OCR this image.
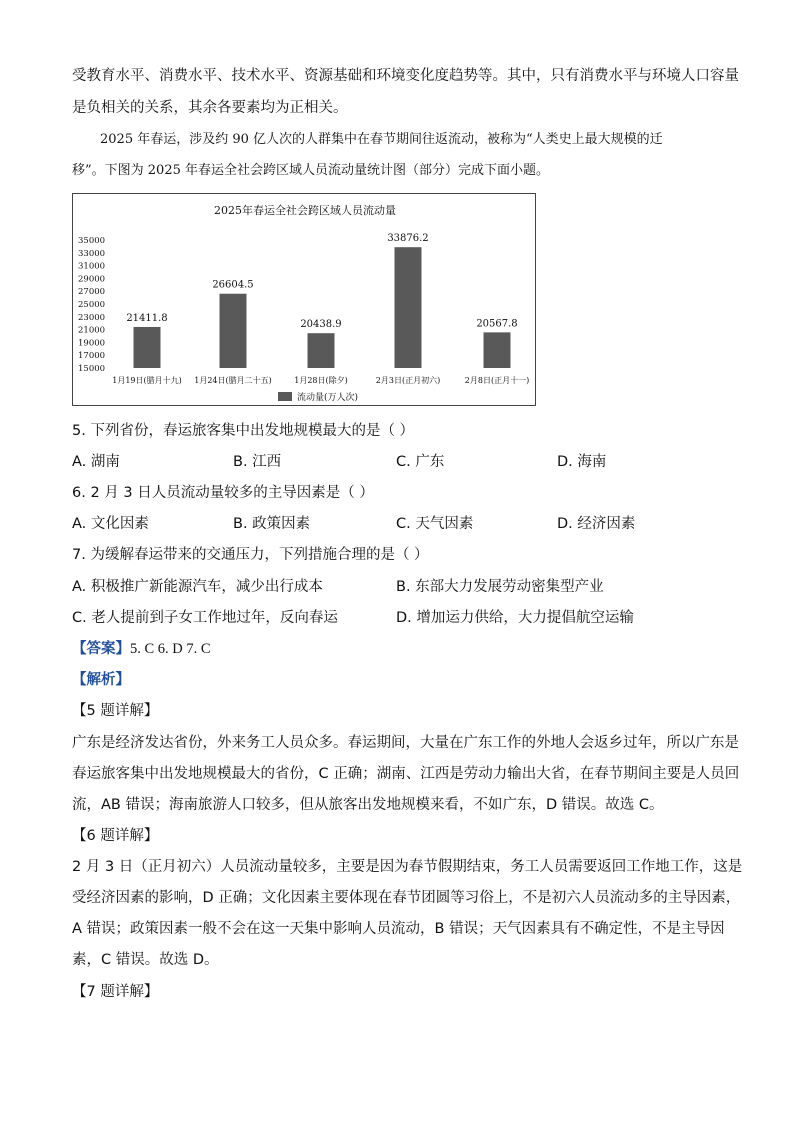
受教育水平、消费水平、技术水平、资源基础和环境变化度趋势等。其中，只有消费水平与环境人口容量
是负相关的关系，其余各要素均为正相关。
2025 年春运，涉及约 90 亿人次的人群集中在春节期间往返流动，被称为“人类史上最大规模的迁
移”。下图为 2025 年春运全社会跨区域人员流动量统计图（部分）完成下面小题。
2025年春运全社会跨区域人员流动量
35000
33000
31000
29000
27000
25000
23000
21000
19000
17000
15000
21411.8
26604.5
20438.9
33876.2
20567.8
1月19日(腊月十九) 1月24日(腊月二十五)	1月28日(除夕)	2月3日(正月初六)	2月8日(正月十一)
流动量(万人次)
5. 下列省份，春运旅客集中出发地规模最大的是（ ）
A. 湖南	B. 江西	C. 广东	D. 海南
6. 2 月 3 日人员流动量较多的主导因素是（ ）
A. 文化因素	B. 政策因素	C. 天气因素	D. 经济因素
7. 为缓解春运带来的交通压力，下列措施合理的是（ ）
A. 积极推广新能源汽车，减少出行成本	B. 东部大力发展劳动密集型产业
C. 老人提前到子女工作地过年，反向春运	D. 增加运力供给，大力提倡航空运输
【答案】5. C 6. D 7. C
【解析】
【5 题详解】
广东是经济发达省份，外来务工人员众多。春运期间，大量在广东工作的外地人会返乡过年，所以广东是
春运旅客集中出发地规模最大的省份，C 正确；湖南、江西是劳动力输出大省，在春节期间主要是人员回
流，AB 错误；海南旅游人口较多，但从旅客出发地规模来看，不如广东，D 错误。故选 C。
【6 题详解】
2 月 3 日（正月初六）人员流动量较多，主要是因为春节假期结束，务工人员需要返回工作地工作，这是
受经济因素的影响，D 正确；文化因素主要体现在春节团圆等习俗上，不是初六人员流动多的主导因素，
A 错误；政策因素一般不会在这一天集中影响人员流动，B 错误；天气因素具有不确定性，不是主导因
素，C 错误。故选 D。
【7 题详解】
